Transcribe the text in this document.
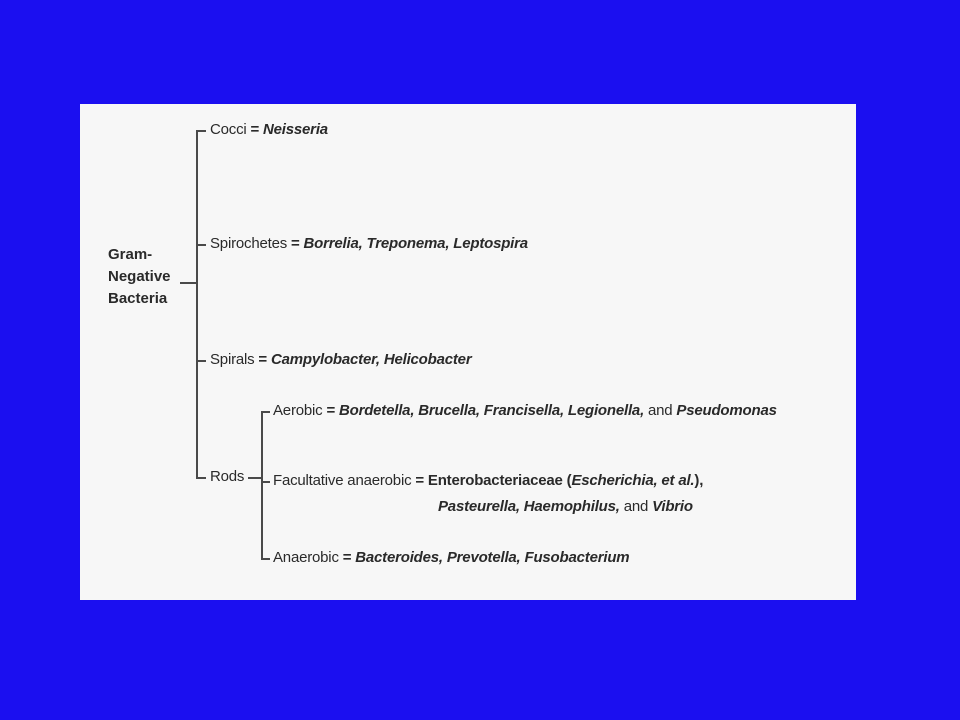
Gram-
Negative
Bacteria
Cocci = Neisseria
Spirochetes = Borrelia, Treponema, Leptospira
Spirals = Campylobacter, Helicobacter
Rods
Aerobic = Bordetella, Brucella, Francisella, Legionella, and Pseudomonas
Facultative anaerobic = Enterobacteriaceae (Escherichia, et al.),
Pasteurella, Haemophilus, and Vibrio
Anaerobic = Bacteroides, Prevotella, Fusobacterium
